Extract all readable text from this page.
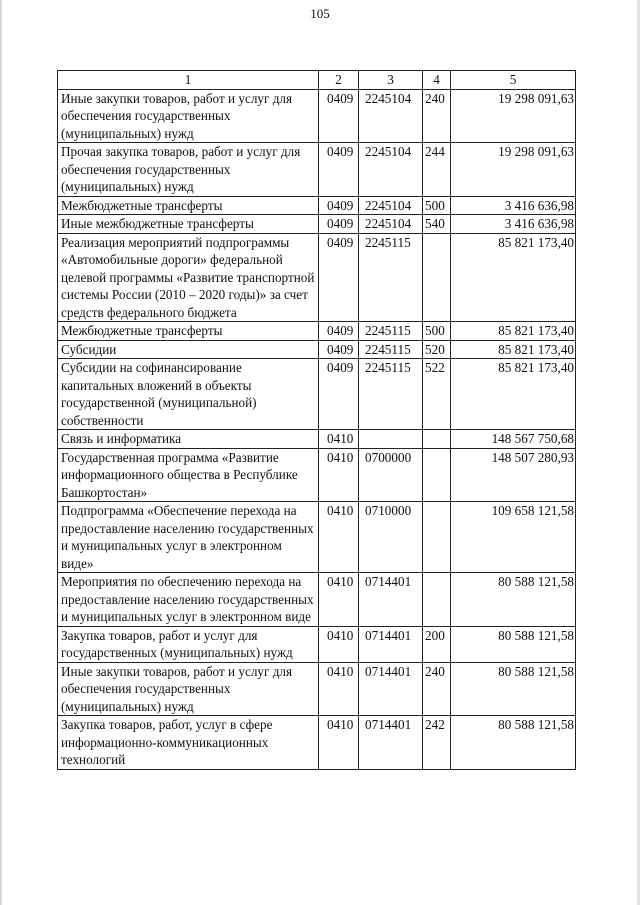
105
1	2	3	4	5
Иные закупки товаров, работ и услуг для обеспечения государственных (муниципальных) нужд	0409	2245104	240	19 298 091,63
Прочая закупка товаров, работ и услуг для обеспечения государственных (муниципальных) нужд	0409	2245104	244	19 298 091,63
Межбюджетные трансферты	0409	2245104	500	3 416 636,98
Иные межбюджетные трансферты	0409	2245104	540	3 416 636,98
Реализация мероприятий подпрограммы «Автомобильные дороги» федеральной целевой программы «Развитие транспортной системы России (2010 – 2020 годы)» за счет средств федерального бюджета	0409	2245115		85 821 173,40
Межбюджетные трансферты	0409	2245115	500	85 821 173,40
Субсидии	0409	2245115	520	85 821 173,40
Субсидии на софинансирование капитальных вложений в объекты государственной (муниципальной) собственности	0409	2245115	522	85 821 173,40
Связь и информатика	0410			148 567 750,68
Государственная программа «Развитие информационного общества в Республике Башкортостан»	0410	0700000		148 507 280,93
Подпрограмма «Обеспечение перехода на предоставление населению государственных и муниципальных услуг в электронном виде»	0410	0710000		109 658 121,58
Мероприятия по обеспечению перехода на предоставление населению государственных и муниципальных услуг в электронном виде	0410	0714401		80 588 121,58
Закупка товаров, работ и услуг для государственных (муниципальных) нужд	0410	0714401	200	80 588 121,58
Иные закупки товаров, работ и услуг для обеспечения государственных (муниципальных) нужд	0410	0714401	240	80 588 121,58
Закупка товаров, работ, услуг в сфере информационно-коммуникационных технологий	0410	0714401	242	80 588 121,58
